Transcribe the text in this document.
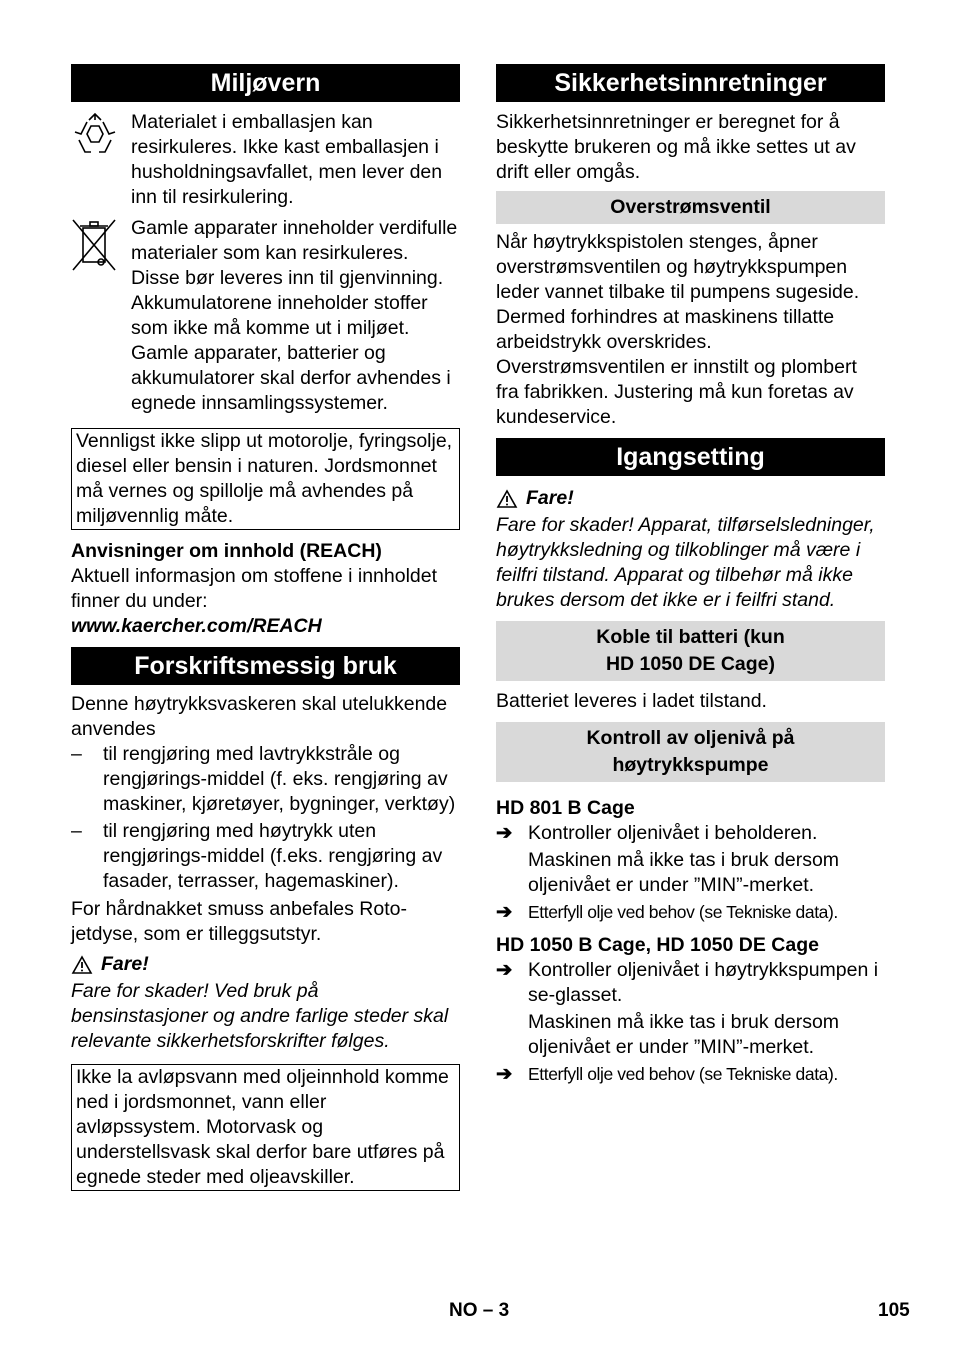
Miljøvern

Materialet i emballasjen kan resirkuleres. Ikke kast emballasjen i husholdningsavfallet, men lever den inn til resirkulering.

Gamle apparater inneholder verdifulle materialer som kan resirkuleres. Disse bør leveres inn til gjenvinning. Akkumulatorene inneholder stoffer som ikke må komme ut i miljøet. Gamle apparater, batterier og akkumulatorer skal derfor avhendes i egnede innsamlingssystemer.

Vennligst ikke slipp ut motorolje, fyringsolje, diesel eller bensin i naturen. Jordsmonnet må vernes og spillolje må avhendes på miljøvennlig måte.

Anvisninger om innhold (REACH)

Aktuell informasjon om stoffene i innholdet finner du under:

www.kaercher.com/REACH

Forskriftsmessig bruk

Denne høytrykksvaskeren skal utelukkende anvendes

–	til rengjøring med lavtrykkstråle og rengjørings-middel (f. eks. rengjøring av maskiner, kjøretøyer, bygninger, verktøy)

–	til rengjøring med høytrykk uten rengjørings-middel (f.eks. rengjøring av fasader, terrasser, hagemaskiner).

For hårdnakket smuss anbefales Roto-jetdyse, som er tilleggsutstyr.

Fare!

Fare for skader! Ved bruk på bensinstasjoner og andre farlige steder skal relevante sikkerhetsforskrifter følges.

Ikke la avløpsvann med oljeinnhold komme ned i jordsmonnet, vann eller avløpssystem. Motorvask og understellsvask skal derfor bare utføres på egnede steder med oljeavskiller.

Sikkerhetsinnretninger

Sikkerhetsinnretninger er beregnet for å beskytte brukeren og må ikke settes ut av drift eller omgås.

Overstrømsventil

Når høytrykkspistolen stenges, åpner overstrømsventilen og høytrykkspumpen leder vannet tilbake til pumpens sugeside. Dermed forhindres at maskinens tillatte arbeidstrykk overskrides.

Overstrømsventilen er innstilt og plombert fra fabrikken. Justering må kun foretas av kundeservice.

Igangsetting
Fare!

Fare for skader! Apparat, tilførselsledninger, høytrykksledning og tilkoblinger må være i feilfri tilstand. Apparat og tilbehør må ikke brukes dersom det ikke er i feilfri stand.

Koble til batteri (kun
HD 1050 DE Cage)

Batteriet leveres i ladet tilstand.

Kontroll av oljenivå på
høytrykkspumpe

HD 801 B Cage

➔ Kontroller oljenivået i beholderen.

Maskinen må ikke tas i bruk dersom oljenivået er under ”MIN”-merket.

➔ Etterfyll olje ved behov (se Tekniske data).

HD 1050 B Cage, HD 1050 DE Cage

➔ Kontroller oljenivået i høytrykkspumpen i se-glasset.

Maskinen må ikke tas i bruk dersom oljenivået er under ”MIN”-merket.

➔ Etterfyll olje ved behov (se Tekniske data).

NO – 3	105
